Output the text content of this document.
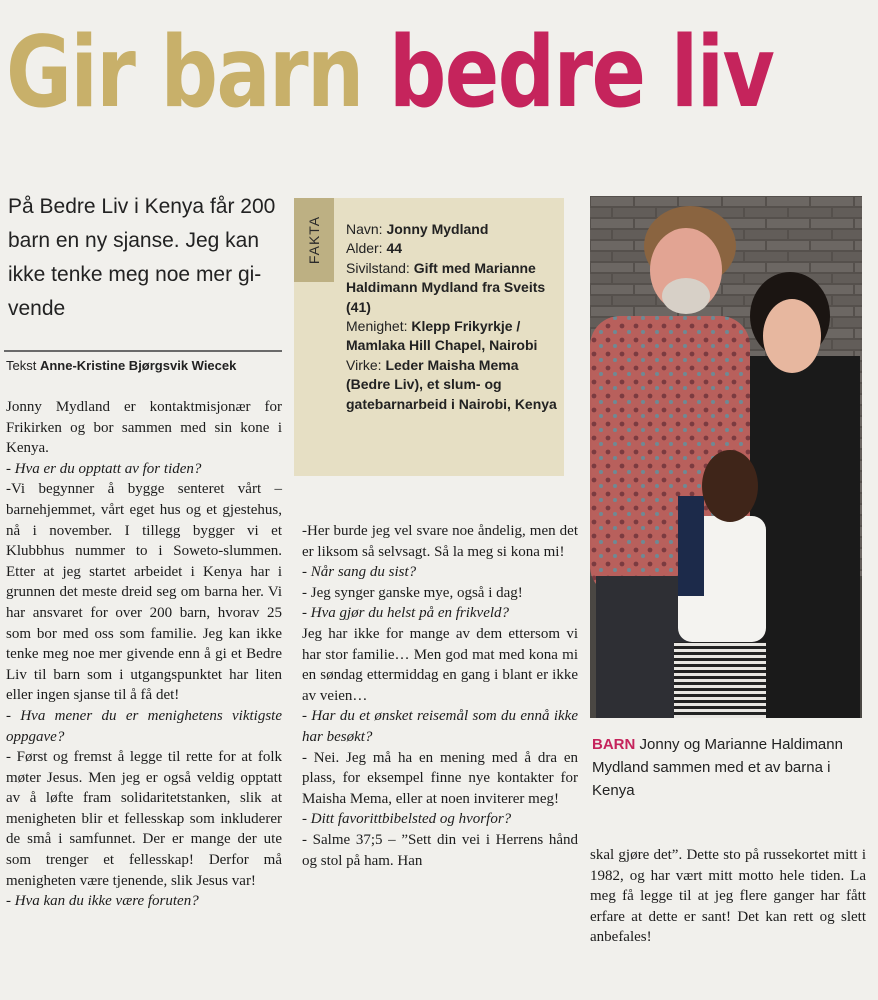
Gir barn bedre liv

På Bedre Liv i Kenya får 200 barn en ny sjanse. Jeg kan ikke tenke meg noe mer gi-vende

Tekst Anne-Kristine Bjørgsvik Wiecek

Jonny Mydland er kontaktmisjonær for Frikirken og bor sammen med sin kone i Kenya.

- Hva er du opptatt av for tiden?

-Vi begynner å bygge senteret vårt – barnehjemmet, vårt eget hus og et gjestehus, nå i november. I tillegg bygger vi et Klubbhus nummer to i Soweto-slummen. Etter at jeg startet arbeidet i Kenya har i grunnen det meste dreid seg om barna her. Vi har ansvaret for over 200 barn, hvorav 25 som bor med oss som familie. Jeg kan ikke tenke meg noe mer givende enn å gi et Bedre Liv til barn som i utgangspunktet har liten eller ingen sjanse til å få det!

- Hva mener du er menighetens viktigste oppgave?

- Først og fremst å legge til rette for at folk møter Jesus. Men jeg er også veldig opptatt av å løfte fram solidaritetstanken, slik at menigheten blir et fellesskap som inkluderer de små i samfunnet. Der er mange der ute som trenger et fellesskap! Derfor må menigheten være tjenende, slik Jesus var!

- Hva kan du ikke være foruten?

FAKTA Navn: Jonny Mydland
Alder: 44
Sivilstand: Gift med Marianne Haldimann Mydland fra Sveits (41)
Menighet: Klepp Frikyrkje / Mamlaka Hill Chapel, Nairobi
Virke: Leder Maisha Mema (Bedre Liv), et slum- og gatebarnarbeid i Nairobi, Kenya
BARN Jonny og Marianne Haldimann Mydland sammen med et av barna i Kenya

-Her burde jeg vel svare noe åndelig, men det er liksom så selvsagt. Så la meg si kona mi!

- Når sang du sist?

- Jeg synger ganske mye, også i dag!

- Hva gjør du helst på en frikveld?

Jeg har ikke for mange av dem ettersom vi har stor familie… Men god mat med kona mi en søndag ettermiddag en gang i blant er ikke av veien…

- Har du et ønsket reisemål som du ennå ikke har besøkt?

- Nei. Jeg må ha en mening med å dra en plass, for eksempel finne nye kontakter for Maisha Mema, eller at noen inviterer meg!

- Ditt favorittbibelsted og hvorfor?

- Salme 37;5 – ”Sett din vei i Herrens hånd og stol på ham. Han	skal gjøre det”. Dette sto på russekortet mitt i 1982, og har vært mitt motto hele tiden. La meg få legge til at jeg flere ganger har fått erfare at dette er sant! Det kan rett og slett anbefales!
